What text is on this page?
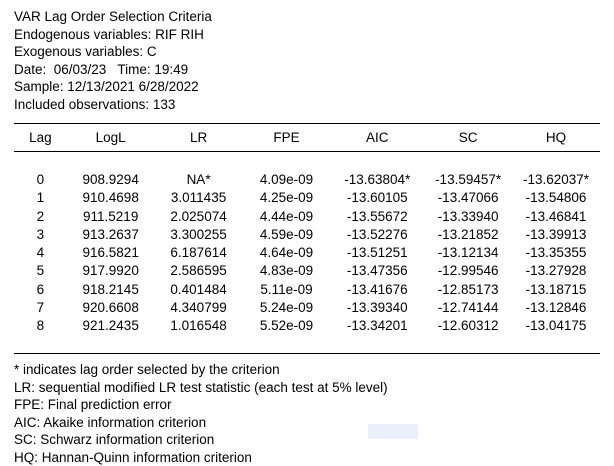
VAR Lag Order Selection Criteria
Endogenous variables: RIF RIH
Exogenous variables: C
Date:  06/03/23   Time: 19:49
Sample: 12/13/2021 6/28/2022
Included observations: 133
Lag	LogL	LR	FPE	AIC	SC	HQ

0	908.9294	NA*	4.09e-09	-13.63804*	-13.59457*	-13.62037*
1	910.4698	3.011435	4.25e-09	-13.60105	-13.47066	-13.54806
2	911.5219	2.025074	4.44e-09	-13.55672	-13.33940	-13.46841
3	913.2637	3.300255	4.59e-09	-13.52276	-13.21852	-13.39913
4	916.5821	6.187614	4.64e-09	-13.51251	-13.12134	-13.35355
5	917.9920	2.586595	4.83e-09	-13.47356	-12.99546	-13.27928
6	918.2145	0.401484	5.11e-09	-13.41676	-12.85173	-13.18715
7	920.6608	4.340799	5.24e-09	-13.39340	-12.74144	-13.12846
8	921.2435	1.016548	5.52e-09	-13.34201	-12.60312	-13.04175

* indicates lag order selected by the criterion
LR: sequential modified LR test statistic (each test at 5% level)
FPE: Final prediction error
AIC: Akaike information criterion
SC: Schwarz information criterion
HQ: Hannan-Quinn information criterion
